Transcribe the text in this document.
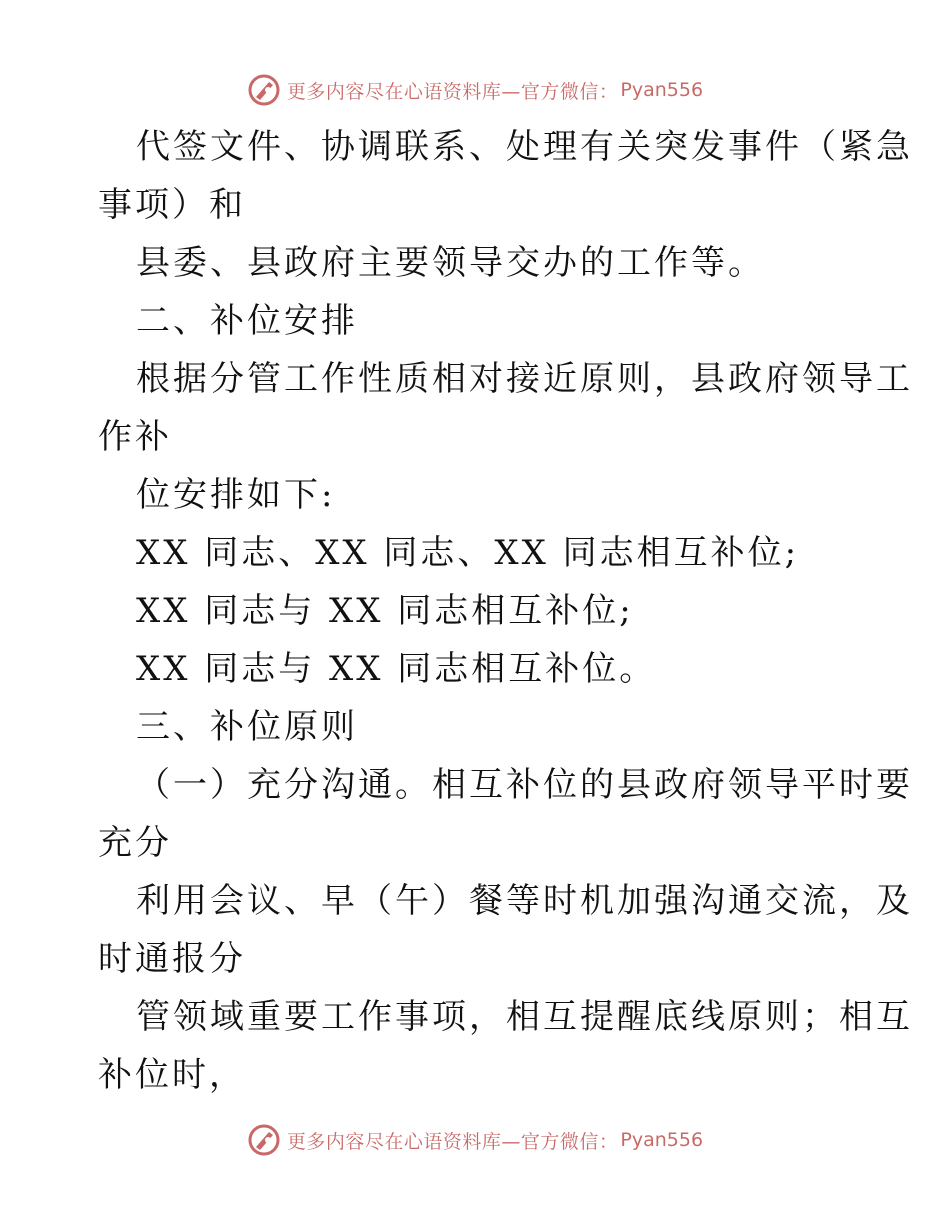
更多内容尽在心语资料库—官方微信： Pyan556
代签文件、协调联系、处理有关突发事件（紧急
事项）和
县委、县政府主要领导交办的工作等。
二、补位安排
根据分管工作性质相对接近原则，县政府领导工
作补
位安排如下:
XX 同志、XX 同志、XX 同志相互补位;
XX 同志与 XX 同志相互补位;
XX 同志与 XX 同志相互补位。
三、补位原则
（一）充分沟通。相互补位的县政府领导平时要
充分
利用会议、早（午）餐等时机加强沟通交流，及
时通报分
管领域重要工作事项，相互提醒底线原则；相互
补位时，
更多内容尽在心语资料库—官方微信： Pyan556
